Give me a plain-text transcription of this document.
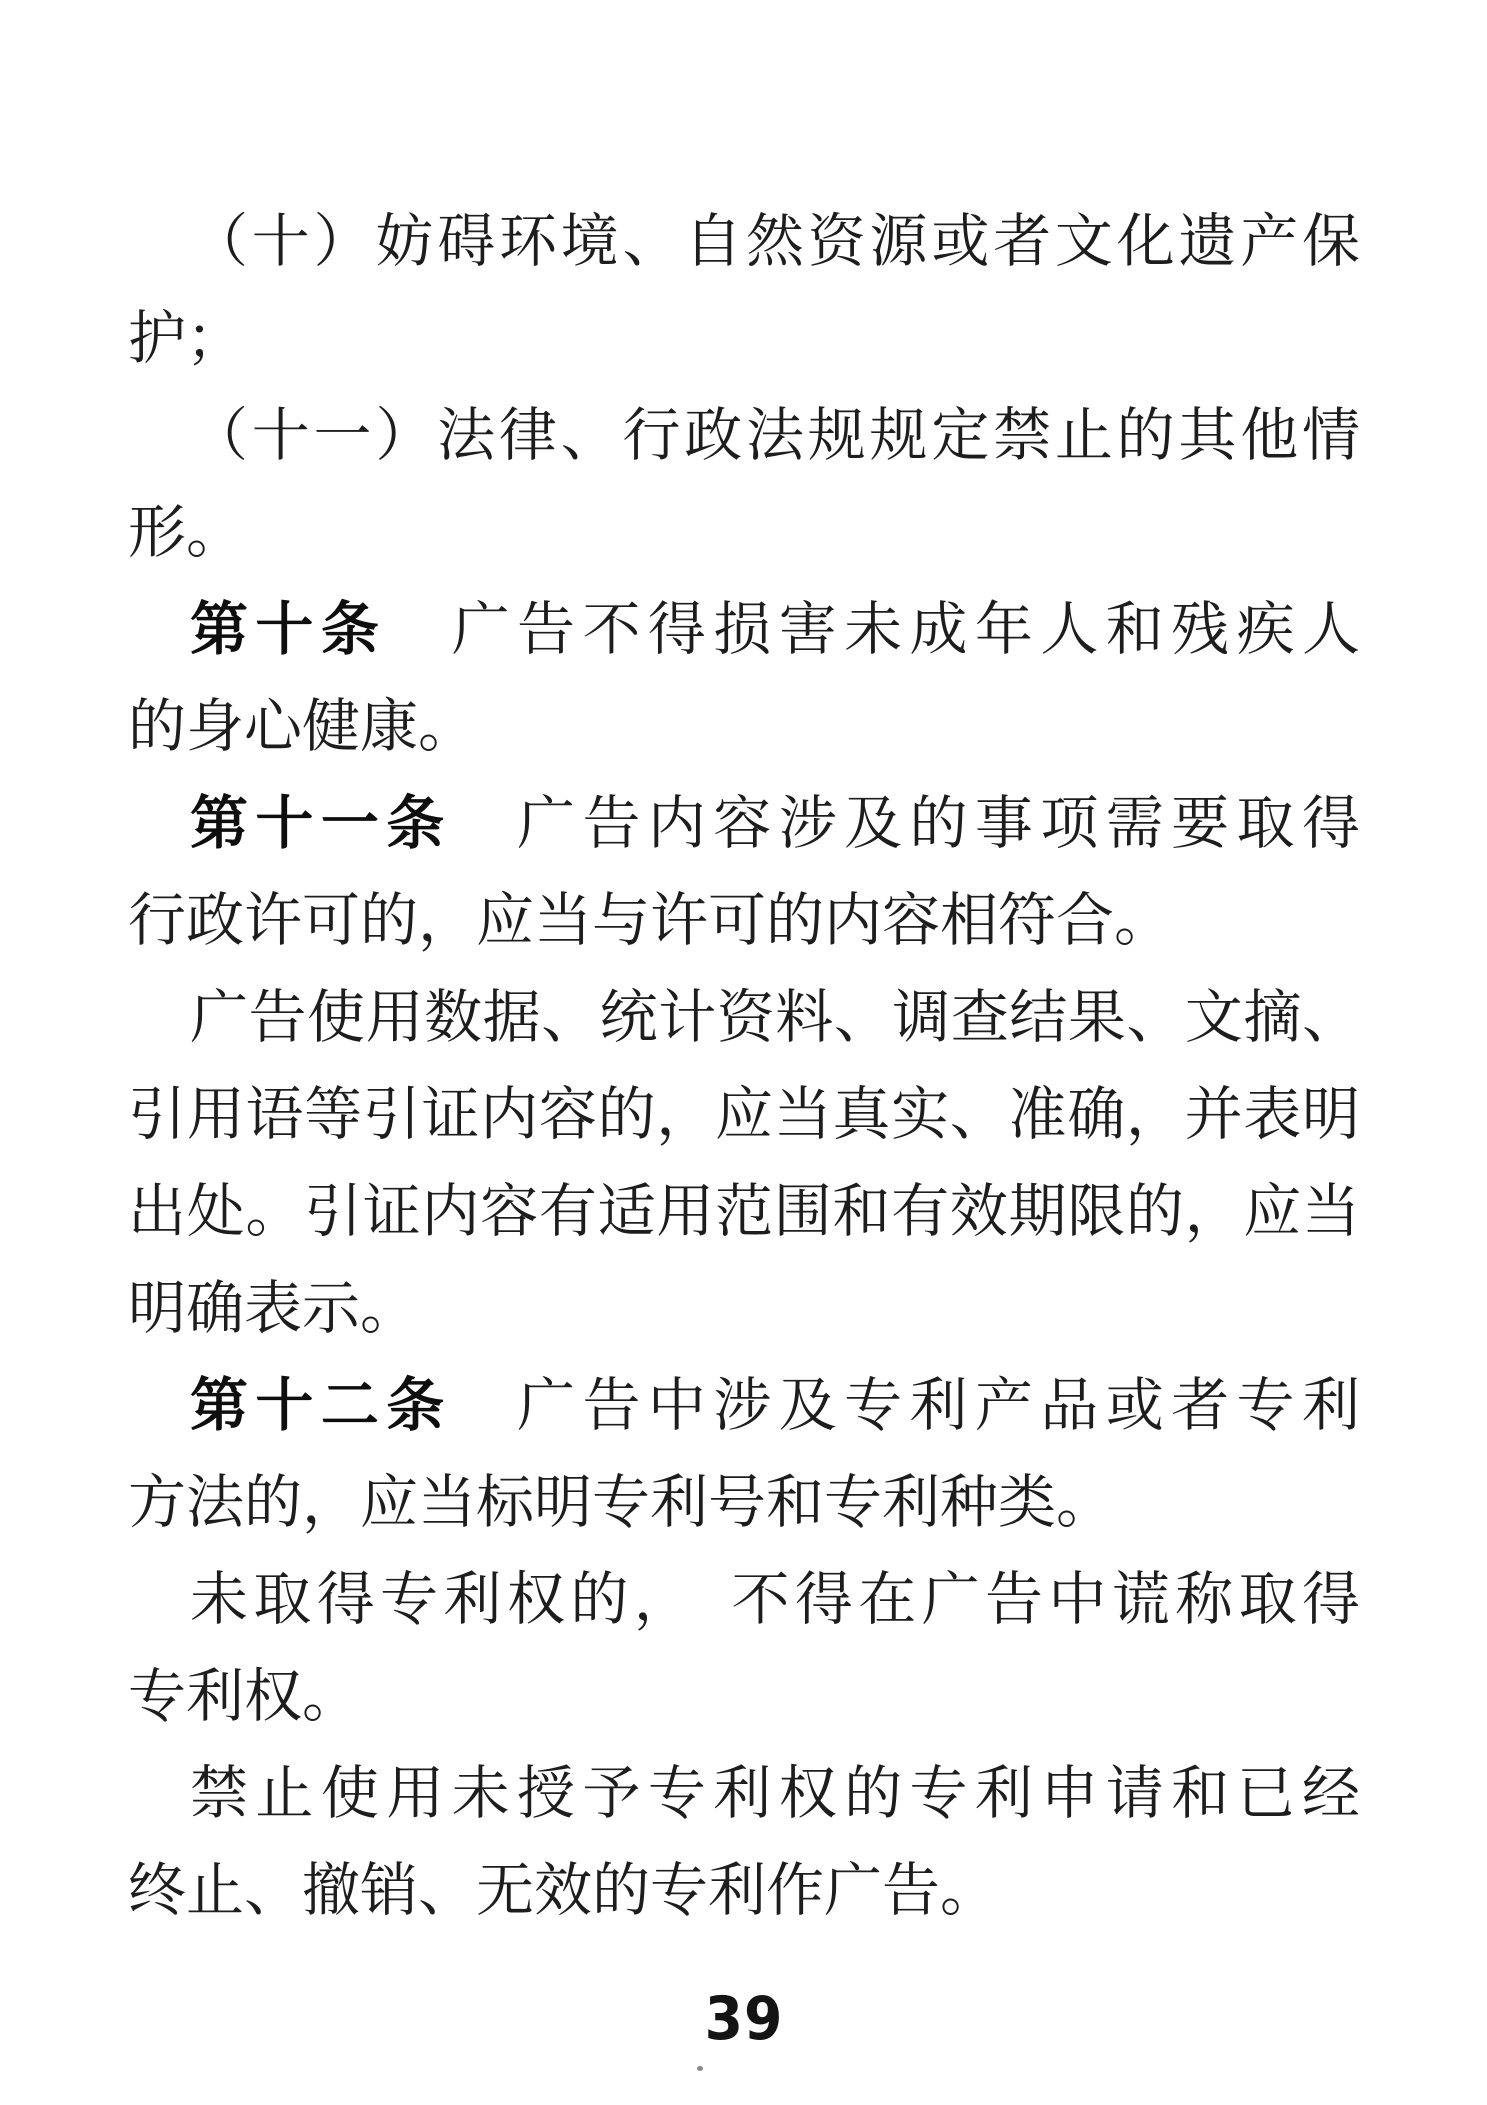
（十）妨碍环境、自然资源或者文化遗产保
护；
（十一）法律、行政法规规定禁止的其他情
形。
第十条　广告不得损害未成年人和残疾人
的身心健康。
第十一条　广告内容涉及的事项需要取得
行政许可的，应当与许可的内容相符合。
广告使用数据、统计资料、调查结果、文摘、
引用语等引证内容的，应当真实、准确，并表明
出处。引证内容有适用范围和有效期限的，应当
明确表示。
第十二条　广告中涉及专利产品或者专利
方法的，应当标明专利号和专利种类。
未取得专利权的，　不得在广告中谎称取得
专利权。
禁止使用未授予专利权的专利申请和已经
终止、撤销、无效的专利作广告。
39
